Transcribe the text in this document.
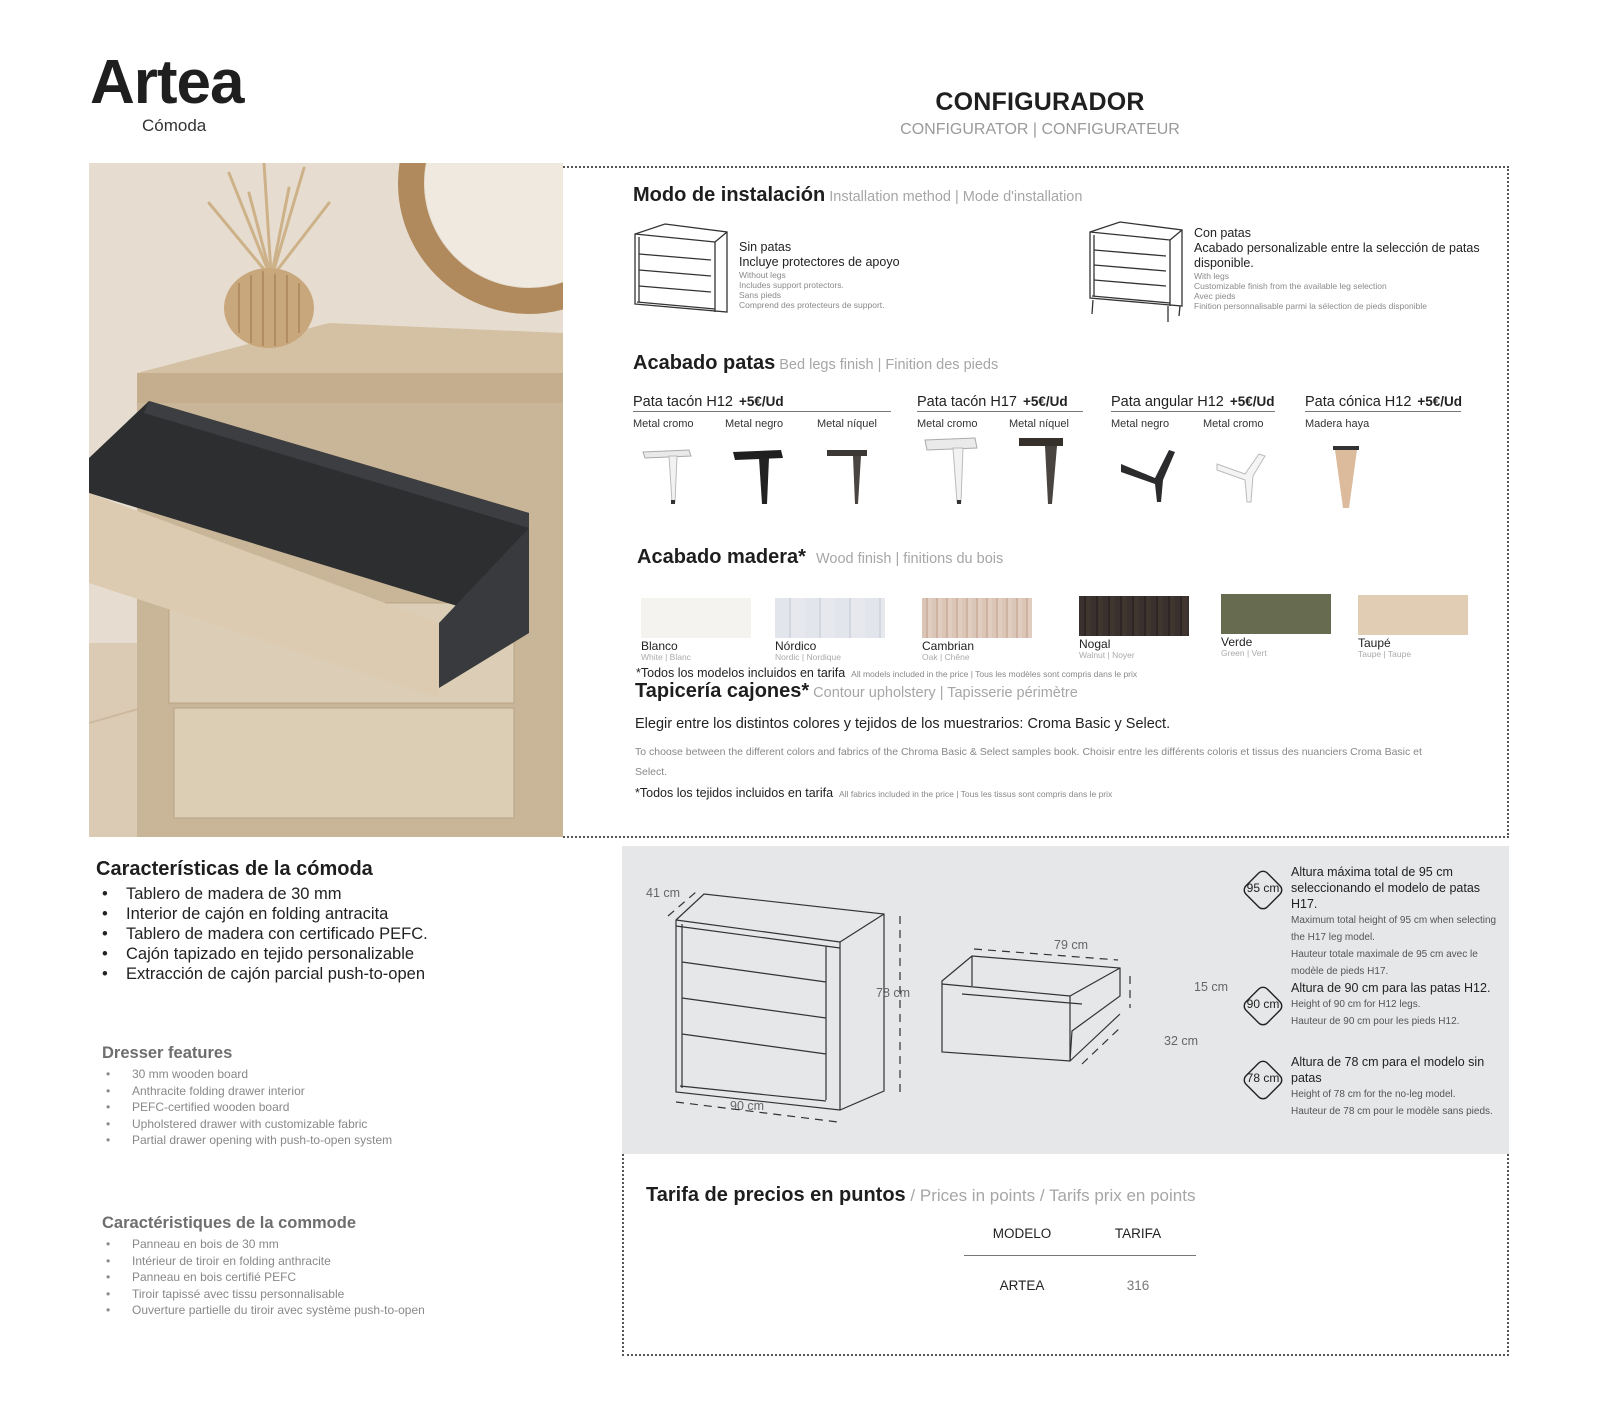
Artea
Cómoda
CONFIGURADOR
CONFIGURATOR | CONFIGURATEUR
Modo de instalación Installation method | Mode d'installation
Sin patas
Incluye protectores de apoyo
Without legs
Includes support protectors.
Sans pieds
Comprend des protecteurs de support.
Con patas
Acabado personalizable entre la selección de patas disponible.
With legs
Customizable finish from the available leg selection
Avec pieds
Finition personnalisable parmi la sélection de pieds disponible
Acabado patas Bed legs finish | Finition des pieds
Pata tacón H12 +5€/Ud
Metal cromo	Metal negro	Metal níquel
Pata tacón H17 +5€/Ud
Metal cromo	Metal níquel
Pata angular H12 +5€/Ud
Metal negro	Metal cromo
Pata cónica H12 +5€/Ud
Madera haya
Acabado madera* Wood finish | finitions du bois
Blanco
White | Blanc
Nórdico
Nordic | Nordique
Cambrian
Oak | Chêne
Nogal
Walnut | Noyer
Verde
Green | Vert
Taupé
Taupe | Taupe
*Todos los modelos incluidos en tarifa All models included in the price | Tous les modèles sont compris dans le prix
Tapicería cajones* Contour upholstery | Tapisserie périmètre
Elegir entre los distintos colores y tejidos de los muestrarios: Croma Basic y Select.
To choose between the different colors and fabrics of the Chroma Basic & Select samples book. Choisir entre les différents coloris et tissus des nuanciers Croma Basic et Select.
*Todos los tejidos incluidos en tarifa All fabrics included in the price | Tous les tissus sont compris dans le prix
Características de la cómoda
•	Tablero de madera de 30 mm
•	Interior de cajón en folding antracita
•	Tablero de madera con certificado PEFC.
•	Cajón tapizado en tejido personalizable
•	Extracción de cajón parcial push-to-open
Dresser features
•	30 mm wooden board
•	Anthracite folding drawer interior
•	PEFC-certified wooden board
•	Upholstered drawer with customizable fabric
•	Partial drawer opening with push-to-open system
Caractéristiques de la commode
•	Panneau en bois de 30 mm
•	Intérieur de tiroir en folding anthracite
•	Panneau en bois certifié PEFC
•	Tiroir tapissé avec tissu personnalisable
•	Ouverture partielle du tiroir avec système push-to-open
41 cm
78 cm
90 cm
79 cm
15 cm
32 cm
95 cm
Altura máxima total de 95 cm seleccionando el modelo de patas H17.
Maximum total height of 95 cm when selecting the H17 leg model.
Hauteur totale maximale de 95 cm avec le modèle de pieds H17.
90 cm
Altura de 90 cm para las patas H12.
Height of 90 cm for H12 legs.
Hauteur de 90 cm pour les pieds H12.
78 cm
Altura de 78 cm para el modelo sin patas
Height of 78 cm for the no-leg model.
Hauteur de 78 cm pour le modèle sans pieds.
Tarifa de precios en puntos / Prices in points / Tarifs prix en points
MODELO	TARIFA
ARTEA	316
